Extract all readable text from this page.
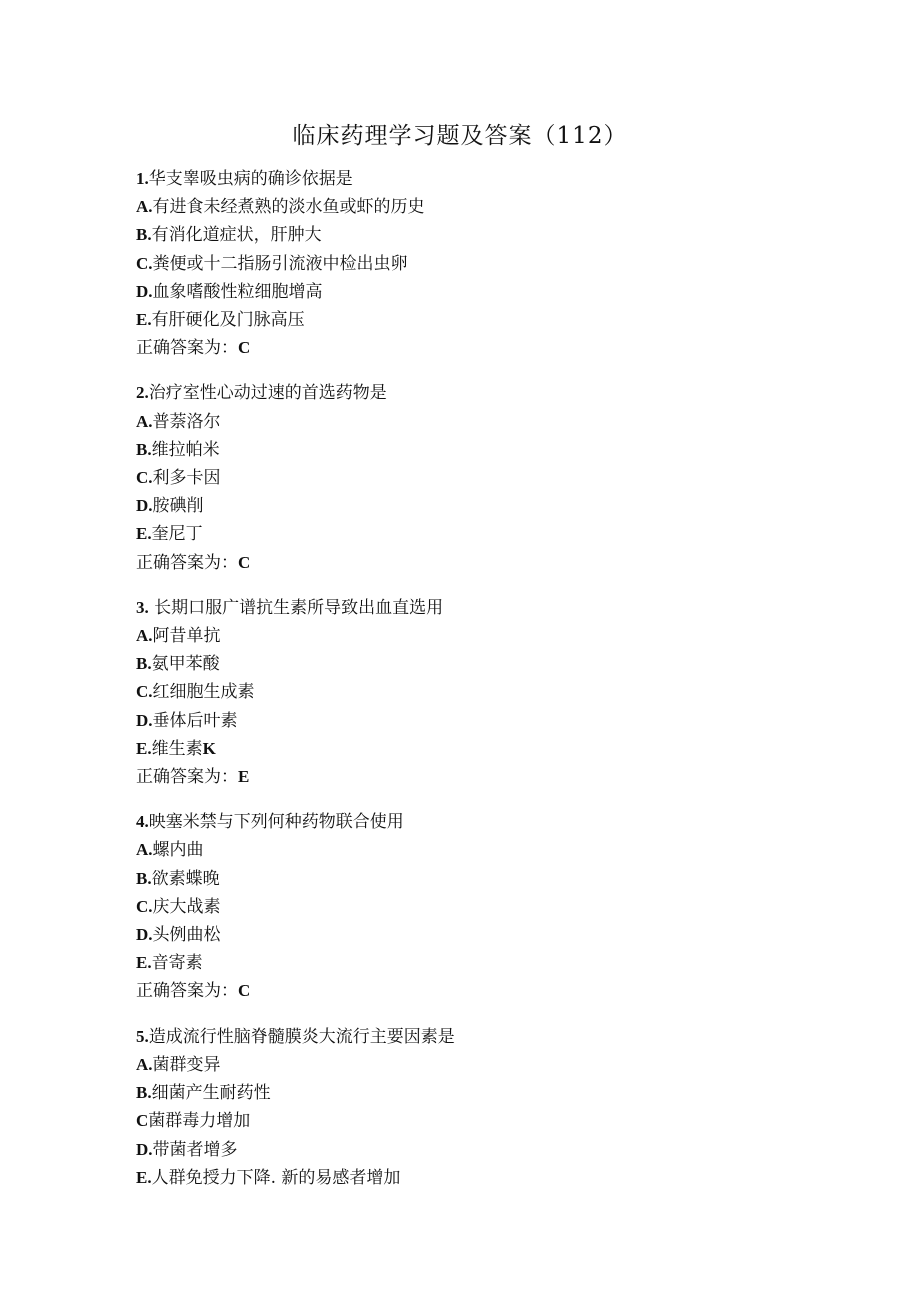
临床药理学习题及答案（112）
1.华支睾吸虫病的确诊依据是
A.有进食未经煮熟的淡水鱼或虾的历史
B.有消化道症状，肝肿大
C.粪便或十二指肠引流液中检出虫卵
D.血象嗜酸性粒细胞增高
E.有肝硬化及门脉高压
正确答案为：C
2.治疗室性心动过速的首选药物是
A.普萘洛尔
B.维拉帕米
C.利多卡因
D.胺碘削
E.奎尼丁
正确答案为：C
3. 长期口服广谱抗生素所导致出血直选用
A.阿昔单抗
B.氨甲苯酸
C.红细胞生成素
D.垂体后叶素
E.维生素K
正确答案为：E
4.映塞米禁与下列何种药物联合使用
A.螺内曲
B.欲素蝶晚
C.庆大战素
D.头例曲松
E.音寄素
正确答案为：C
5.造成流行性脑脊髓膜炎大流行主要因素是
A.菌群变异
B.细菌产生耐药性
C菌群毒力增加
D.带菌者增多
E.人群免授力下降. 新的易感者增加
